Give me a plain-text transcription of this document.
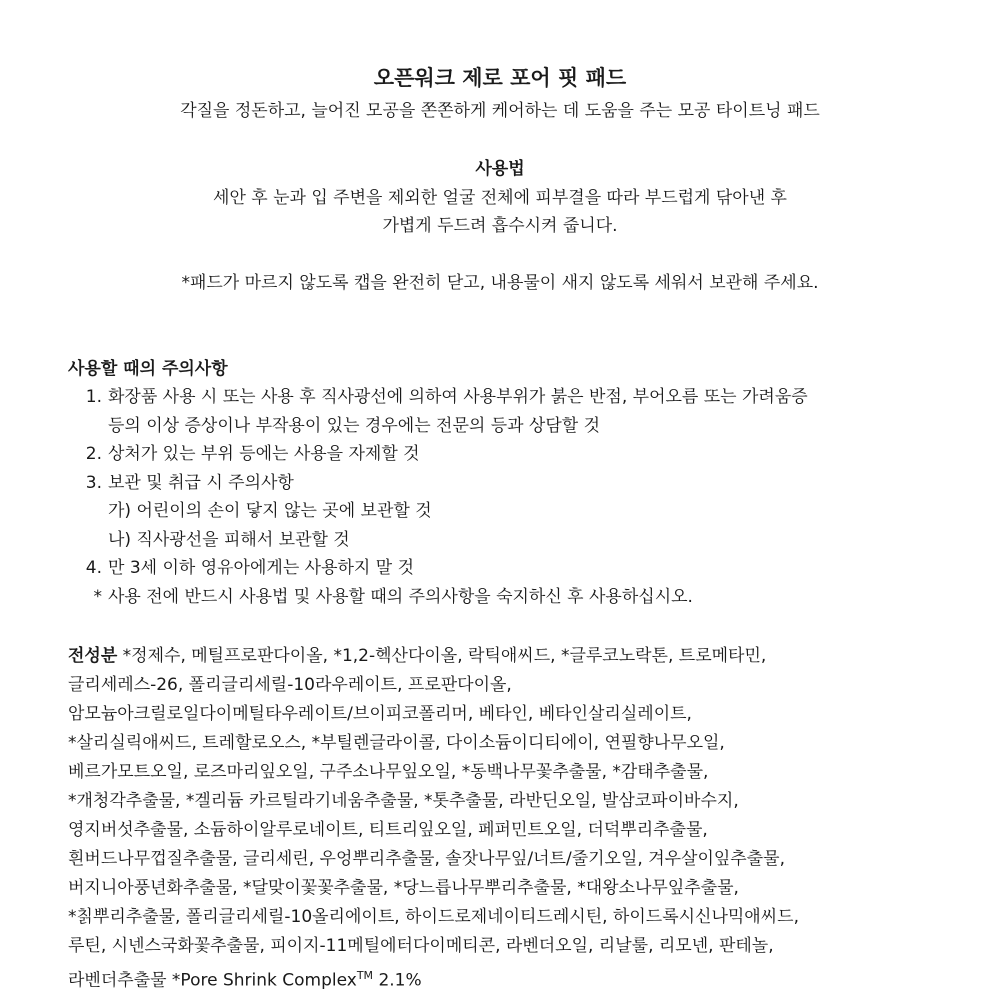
오픈워크 제로 포어 핏 패드
각질을 정돈하고, 늘어진 모공을 쫀쫀하게 케어하는 데 도움을 주는 모공 타이트닝 패드
사용법
세안 후 눈과 입 주변을 제외한 얼굴 전체에 피부결을 따라 부드럽게 닦아낸 후
가볍게 두드려 흡수시켜 줍니다.
*패드가 마르지 않도록 캡을 완전히 닫고, 내용물이 새지 않도록 세워서 보관해 주세요.
사용할 때의 주의사항
1. 화장품 사용 시 또는 사용 후 직사광선에 의하여 사용부위가 붉은 반점, 부어오름 또는 가려움증
등의 이상 증상이나 부작용이 있는 경우에는 전문의 등과 상담할 것
2. 상처가 있는 부위 등에는 사용을 자제할 것
3. 보관 및 취급 시 주의사항
가) 어린이의 손이 닿지 않는 곳에 보관할 것
나) 직사광선을 피해서 보관할 것
4. 만 3세 이하 영유아에게는 사용하지 말 것
* 사용 전에 반드시 사용법 및 사용할 때의 주의사항을 숙지하신 후 사용하십시오.
전성분 *정제수, 메틸프로판다이올, *1,2-헥산다이올, 락틱애씨드, *글루코노락톤, 트로메타민,
글리세레스-26, 폴리글리세릴-10라우레이트, 프로판다이올,
암모늄아크릴로일다이메틸타우레이트/브이피코폴리머, 베타인, 베타인살리실레이트,
*살리실릭애씨드, 트레할로오스, *부틸렌글라이콜, 다이소듐이디티에이, 연필향나무오일,
베르가모트오일, 로즈마리잎오일, 구주소나무잎오일, *동백나무꽃추출물, *감태추출물,
*개청각추출물, *겔리듐 카르틸라기네움추출물, *톳추출물, 라반딘오일, 발삼코파이바수지,
영지버섯추출물, 소듐하이알루로네이트, 티트리잎오일, 페퍼민트오일, 더덕뿌리추출물,
흰버드나무껍질추출물, 글리세린, 우엉뿌리추출물, 솔잣나무잎/너트/줄기오일, 겨우살이잎추출물,
버지니아풍년화추출물, *달맞이꽃꽃추출물, *당느릅나무뿌리추출물, *대왕소나무잎추출물,
*칡뿌리추출물, 폴리글리세릴-10올리에이트, 하이드로제네이티드레시틴, 하이드록시신나믹애씨드,
루틴, 시넨스국화꽃추출물, 피이지-11메틸에터다이메티콘, 라벤더오일, 리날룰, 리모넨, 판테놀,
라벤더추출물 *Pore Shrink Complex™ 2.1%
